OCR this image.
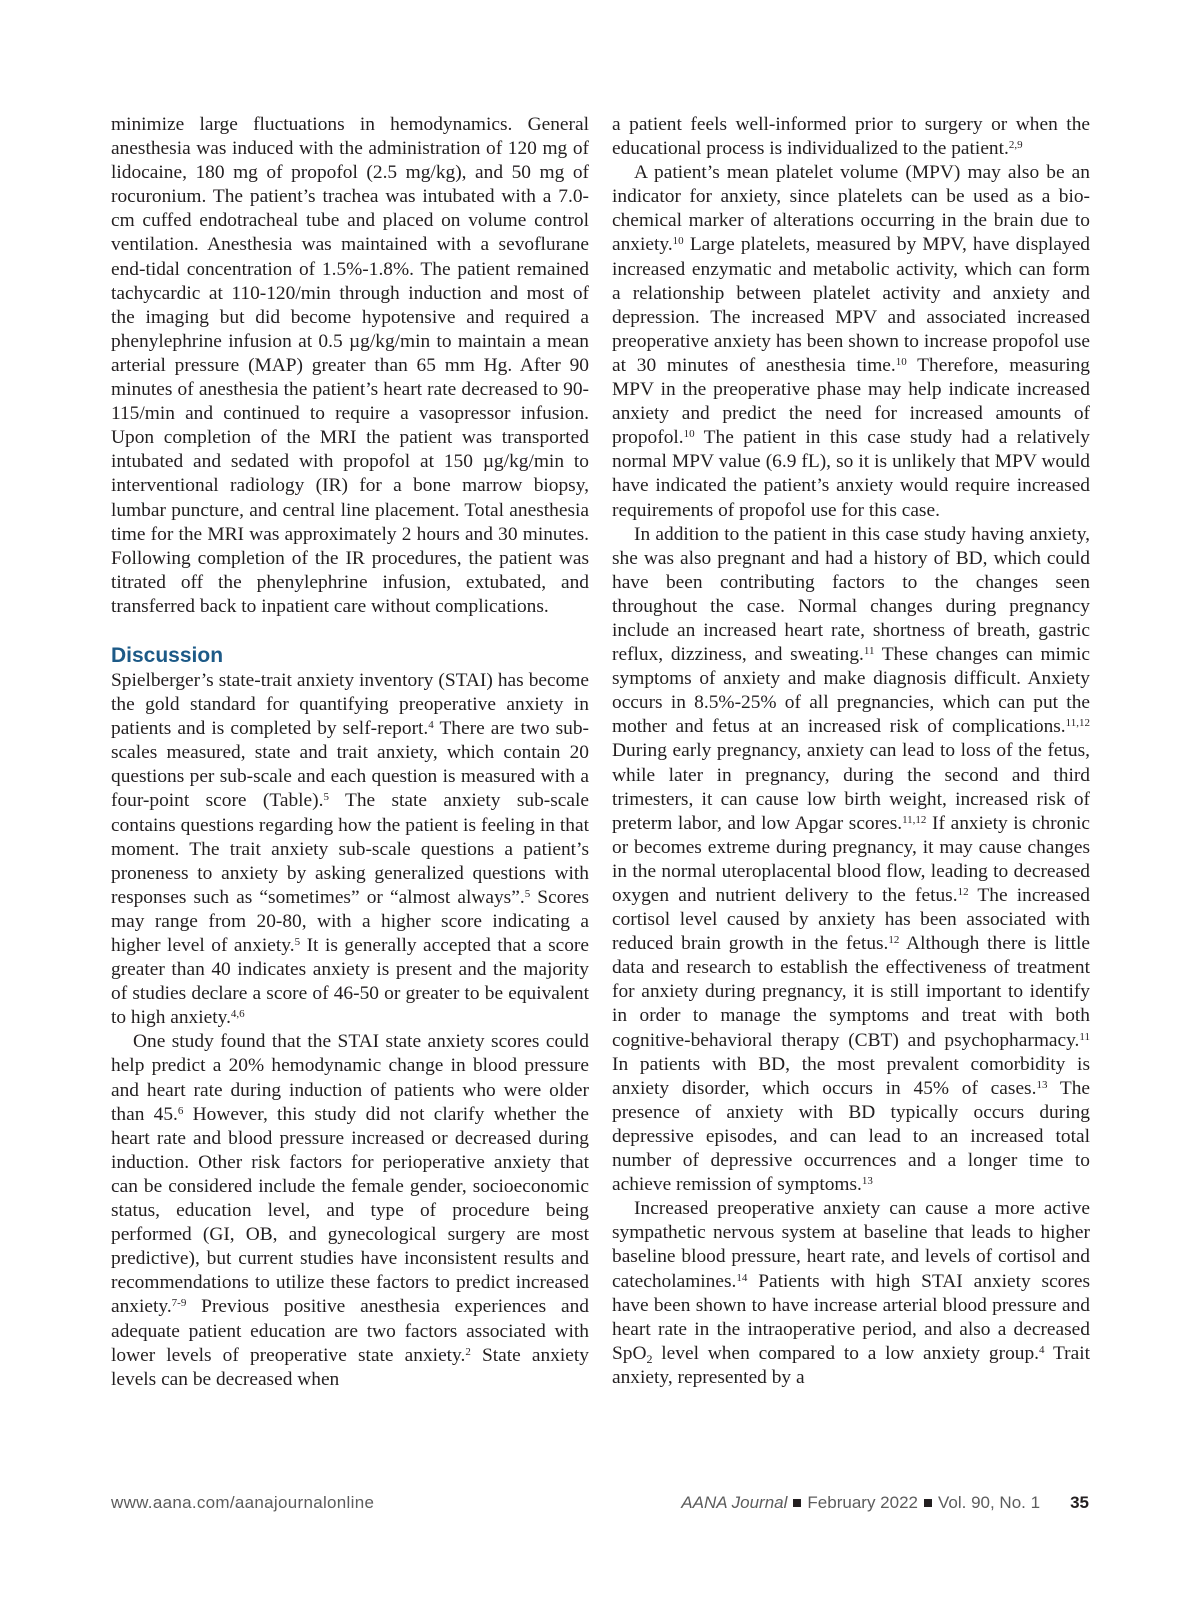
minimize large fluctuations in hemodynamics. General anesthesia was induced with the administration of 120 mg of lidocaine, 180 mg of propofol (2.5 mg/kg), and 50 mg of rocuronium. The patient’s trachea was intubated with a 7.0-cm cuffed endotracheal tube and placed on volume control ventilation. Anesthesia was maintained with a sevoflurane end-tidal concentration of 1.5%-1.8%. The patient remained tachycardic at 110-120/min through induction and most of the imaging but did become hypotensive and required a phenylephrine infusion at 0.5 µg/kg/min to maintain a mean arterial pressure (MAP) greater than 65 mm Hg. After 90 minutes of anesthesia the patient’s heart rate decreased to 90-115/min and continued to require a vasopressor infusion. Upon completion of the MRI the patient was transported intubated and sedated with propofol at 150 µg/kg/min to interventional radiology (IR) for a bone marrow biopsy, lumbar puncture, and central line placement. Total anesthesia time for the MRI was approximately 2 hours and 30 minutes. Following completion of the IR procedures, the patient was titrated off the phenylephrine infusion, extubated, and transferred back to inpatient care without complications.

Discussion

Spielberger’s state-trait anxiety inventory (STAI) has become the gold standard for quantifying preoperative anxiety in patients and is completed by self-report.$^4$ There are two sub-scales measured, state and trait anxiety, which contain 20 questions per sub-scale and each question is measured with a four-point score (Table).$^5$ The state anxiety sub-scale contains questions regarding how the patient is feeling in that moment. The trait anxiety sub-scale questions a patient’s proneness to anxiety by asking generalized questions with responses such as “sometimes” or “almost always”.$^5$ Scores may range from 20-80, with a higher score indicating a higher level of anxiety.$^5$ It is generally accepted that a score greater than 40 indicates anxiety is present and the majority of studies declare a score of 46-50 or greater to be equivalent to high anxiety.$^{4,6}$

One study found that the STAI state anxiety scores could help predict a 20% hemodynamic change in blood pressure and heart rate during induction of patients who were older than 45.$^6$ However, this study did not clarify whether the heart rate and blood pressure increased or decreased during induction. Other risk factors for perioperative anxiety that can be considered include the female gender, socioeconomic status, education level, and type of procedure being performed (GI, OB, and gynecological surgery are most predictive), but current studies have inconsistent results and recommendations to utilize these factors to predict increased anxiety.$^{7-9}$ Previous positive anesthesia experiences and adequate patient education are two factors associated with lower levels of preoperative state anxiety.$^2$ State anxiety levels can be decreased when

a patient feels well-informed prior to surgery or when the educational process is individualized to the patient.$^{2,9}$

A patient’s mean platelet volume (MPV) may also be an indicator for anxiety, since platelets can be used as a bio-chemical marker of alterations occurring in the brain due to anxiety.$^{10}$ Large platelets, measured by MPV, have displayed increased enzymatic and metabolic activity, which can form a relationship between platelet activity and anxiety and depression. The increased MPV and associated increased preoperative anxiety has been shown to increase propofol use at 30 minutes of anesthesia time.$^{10}$ Therefore, measuring MPV in the preoperative phase may help indicate increased anxiety and predict the need for increased amounts of propofol.$^{10}$ The patient in this case study had a relatively normal MPV value (6.9 fL), so it is unlikely that MPV would have indicated the patient’s anxiety would require increased requirements of propofol use for this case.

In addition to the patient in this case study having anxiety, she was also pregnant and had a history of BD, which could have been contributing factors to the changes seen throughout the case. Normal changes during pregnancy include an increased heart rate, shortness of breath, gastric reflux, dizziness, and sweating.$^{11}$ These changes can mimic symptoms of anxiety and make diagnosis difficult. Anxiety occurs in 8.5%-25% of all pregnancies, which can put the mother and fetus at an increased risk of complications.$^{11,12}$ During early pregnancy, anxiety can lead to loss of the fetus, while later in pregnancy, during the second and third trimesters, it can cause low birth weight, increased risk of preterm labor, and low Apgar scores.$^{11,12}$ If anxiety is chronic or becomes extreme during pregnancy, it may cause changes in the normal uteroplacental blood flow, leading to decreased oxygen and nutrient delivery to the fetus.$^{12}$ The increased cortisol level caused by anxiety has been associated with reduced brain growth in the fetus.$^{12}$ Although there is little data and research to establish the effectiveness of treatment for anxiety during pregnancy, it is still important to identify in order to manage the symptoms and treat with both cognitive-behavioral therapy (CBT) and psychopharmacy.$^{11}$ In patients with BD, the most prevalent comorbidity is anxiety disorder, which occurs in 45% of cases.$^{13}$ The presence of anxiety with BD typically occurs during depressive episodes, and can lead to an increased total number of depressive occurrences and a longer time to achieve remission of symptoms.$^{13}$

Increased preoperative anxiety can cause a more active sympathetic nervous system at baseline that leads to higher baseline blood pressure, heart rate, and levels of cortisol and catecholamines.$^{14}$ Patients with high STAI anxiety scores have been shown to have increase arterial blood pressure and heart rate in the intraoperative period, and also a decreased SpO$_2$ level when compared to a low anxiety group.$^4$ Trait anxiety, represented by a

www.aana.com/aanajournalonline	AANA Journal February 2022 Vol. 90, No. 1 35
